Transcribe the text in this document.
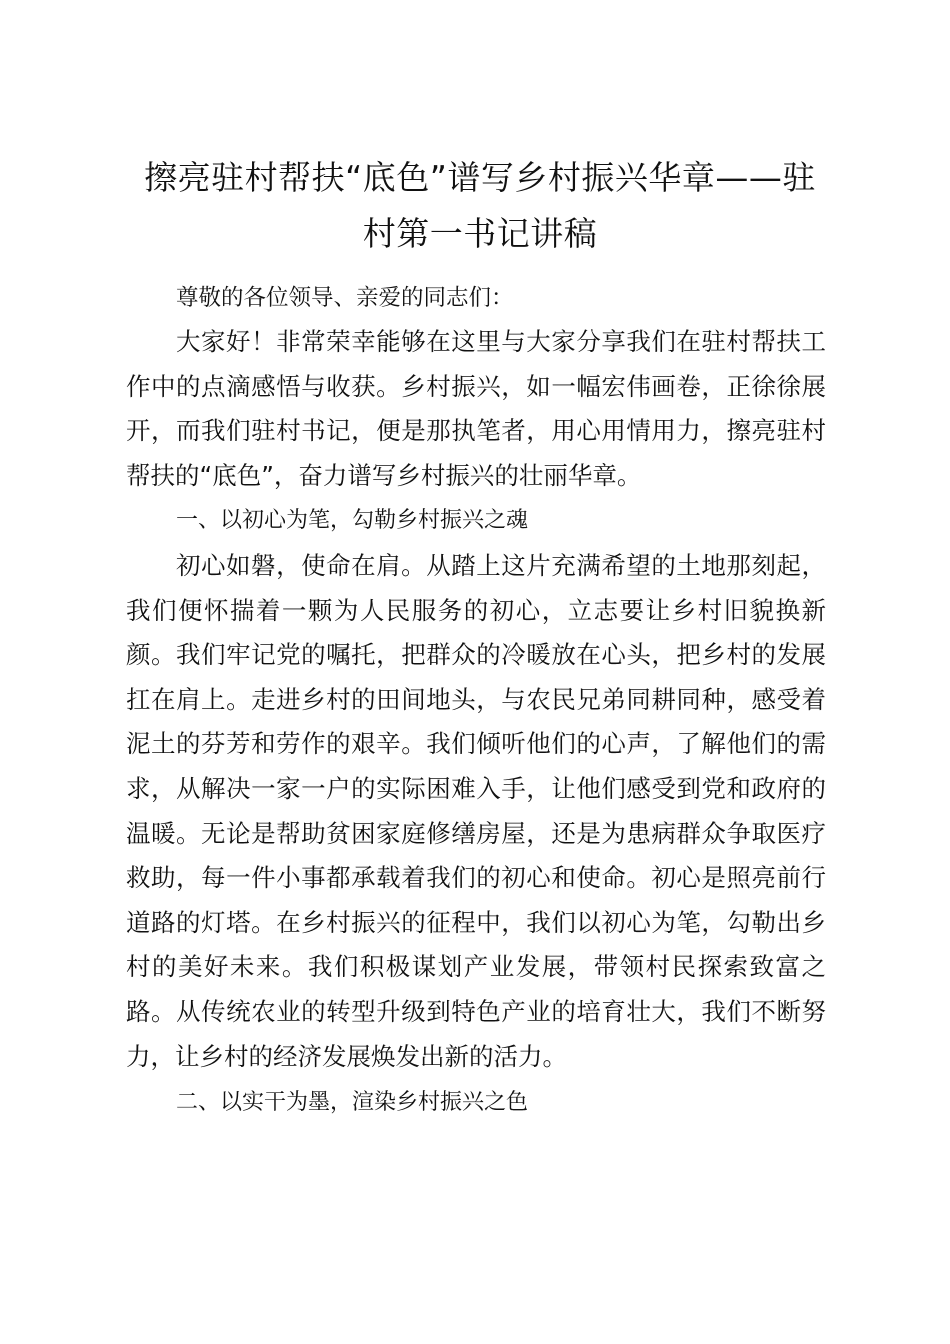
擦亮驻村帮扶“底色”谱写乡村振兴华章——驻村第一书记讲稿

尊敬的各位领导、亲爱的同志们：

大家好！非常荣幸能够在这里与大家分享我们在驻村帮扶工作中的点滴感悟与收获。乡村振兴，如一幅宏伟画卷，正徐徐展开，而我们驻村书记，便是那执笔者，用心用情用力，擦亮驻村帮扶的“底色”，奋力谱写乡村振兴的壮丽华章。

一、以初心为笔，勾勒乡村振兴之魂

初心如磐，使命在肩。从踏上这片充满希望的土地那刻起，我们便怀揣着一颗为人民服务的初心，立志要让乡村旧貌换新颜。我们牢记党的嘱托，把群众的冷暖放在心头，把乡村的发展扛在肩上。走进乡村的田间地头，与农民兄弟同耕同种，感受着泥土的芬芳和劳作的艰辛。我们倾听他们的心声，了解他们的需求，从解决一家一户的实际困难入手，让他们感受到党和政府的温暖。无论是帮助贫困家庭修缮房屋，还是为患病群众争取医疗救助，每一件小事都承载着我们的初心和使命。初心是照亮前行道路的灯塔。在乡村振兴的征程中，我们以初心为笔，勾勒出乡村的美好未来。我们积极谋划产业发展，带领村民探索致富之路。从传统农业的转型升级到特色产业的培育壮大，我们不断努力，让乡村的经济发展焕发出新的活力。

二、以实干为墨，渲染乡村振兴之色
